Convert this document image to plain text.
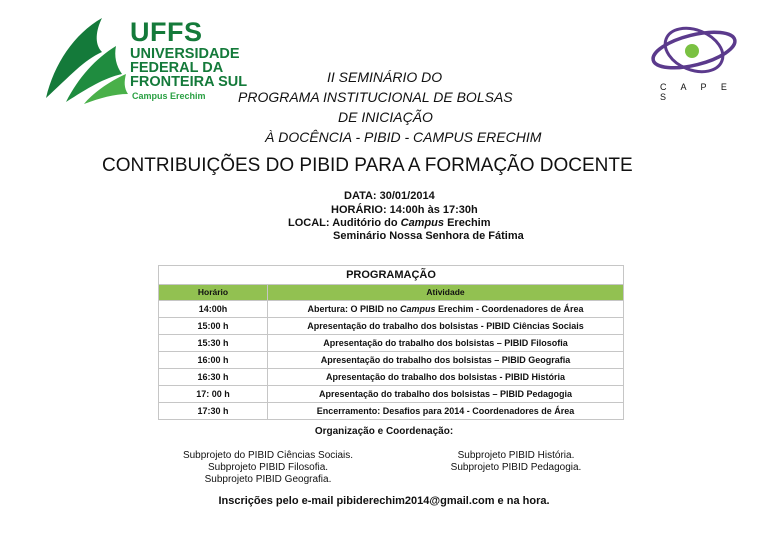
UFFS
UNIVERSIDADE
FEDERAL DA
FRONTEIRA SUL
Campus Erechim
C A P E S
II SEMINÁRIO DO
PROGRAMA INSTITUCIONAL DE BOLSAS
DE INICIAÇÃO
À DOCÊNCIA - PIBID - CAMPUS ERECHIM
CONTRIBUIÇÕES DO PIBID PARA A FORMAÇÃO DOCENTE
DATA: 30/01/2014
HORÁRIO: 14:00h às 17:30h
LOCAL: Auditório do Campus Erechim
Seminário Nossa Senhora de Fátima
PROGRAMAÇÃO
Horário	Atividade
14:00h	Abertura: O PIBID no Campus Erechim - Coordenadores de Área
15:00 h	Apresentação do trabalho dos bolsistas - PIBID Ciências Sociais
15:30 h	Apresentação do trabalho dos bolsistas – PIBID Filosofia
16:00 h	Apresentação do trabalho dos bolsistas – PIBID Geografia
16:30 h	Apresentação do trabalho dos bolsistas - PIBID História
17: 00 h	Apresentação do trabalho dos bolsistas – PIBID Pedagogia
17:30 h	Encerramento: Desafios para 2014 - Coordenadores de Área
Organização e Coordenação:
Subprojeto do PIBID Ciências Sociais.
Subprojeto PIBID Filosofia.
Subprojeto PIBID Geografia.
Subprojeto PIBID História.
Subprojeto PIBID Pedagogia.
Inscrições pelo e-mail pibiderechim2014@gmail.com e na hora.
